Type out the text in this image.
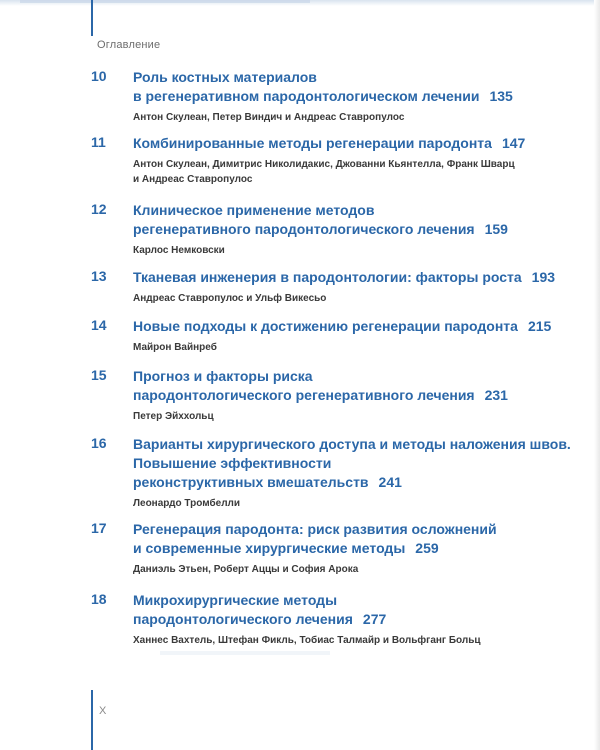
Оглавление
10 Роль костных материалов
в регенеративном пародонтологическом лечении 135
Антон Скулеан, Петер Виндич и Андреас Ставропулос
11 Комбинированные методы регенерации пародонта 147
Антон Скулеан, Димитрис Николидакис, Джованни Кьянтелла, Франк Шварц
и Андреас Ставропулос
12 Клиническое применение методов
регенеративного пародонтологического лечения 159
Карлос Немковски
13 Тканевая инженерия в пародонтологии: факторы роста 193
Андреас Ставропулос и Ульф Викесьо
14 Новые подходы к достижению регенерации пародонта 215
Майрон Вайнреб
15 Прогноз и факторы риска
пародонтологического регенеративного лечения 231
Петер Эйххольц
16 Варианты хирургического доступа и методы наложения швов.
Повышение эффективности
реконструктивных вмешательств 241
Леонардо Тромбелли
17 Регенерация пародонта: риск развития осложнений
и современные хирургические методы 259
Даниэль Этьен, Роберт Аццы и София Арока
18 Микрохирургические методы
пародонтологического лечения 277
Ханнес Вахтель, Штефан Фикль, Тобиас Талмайр и Вольфганг Больц
X
